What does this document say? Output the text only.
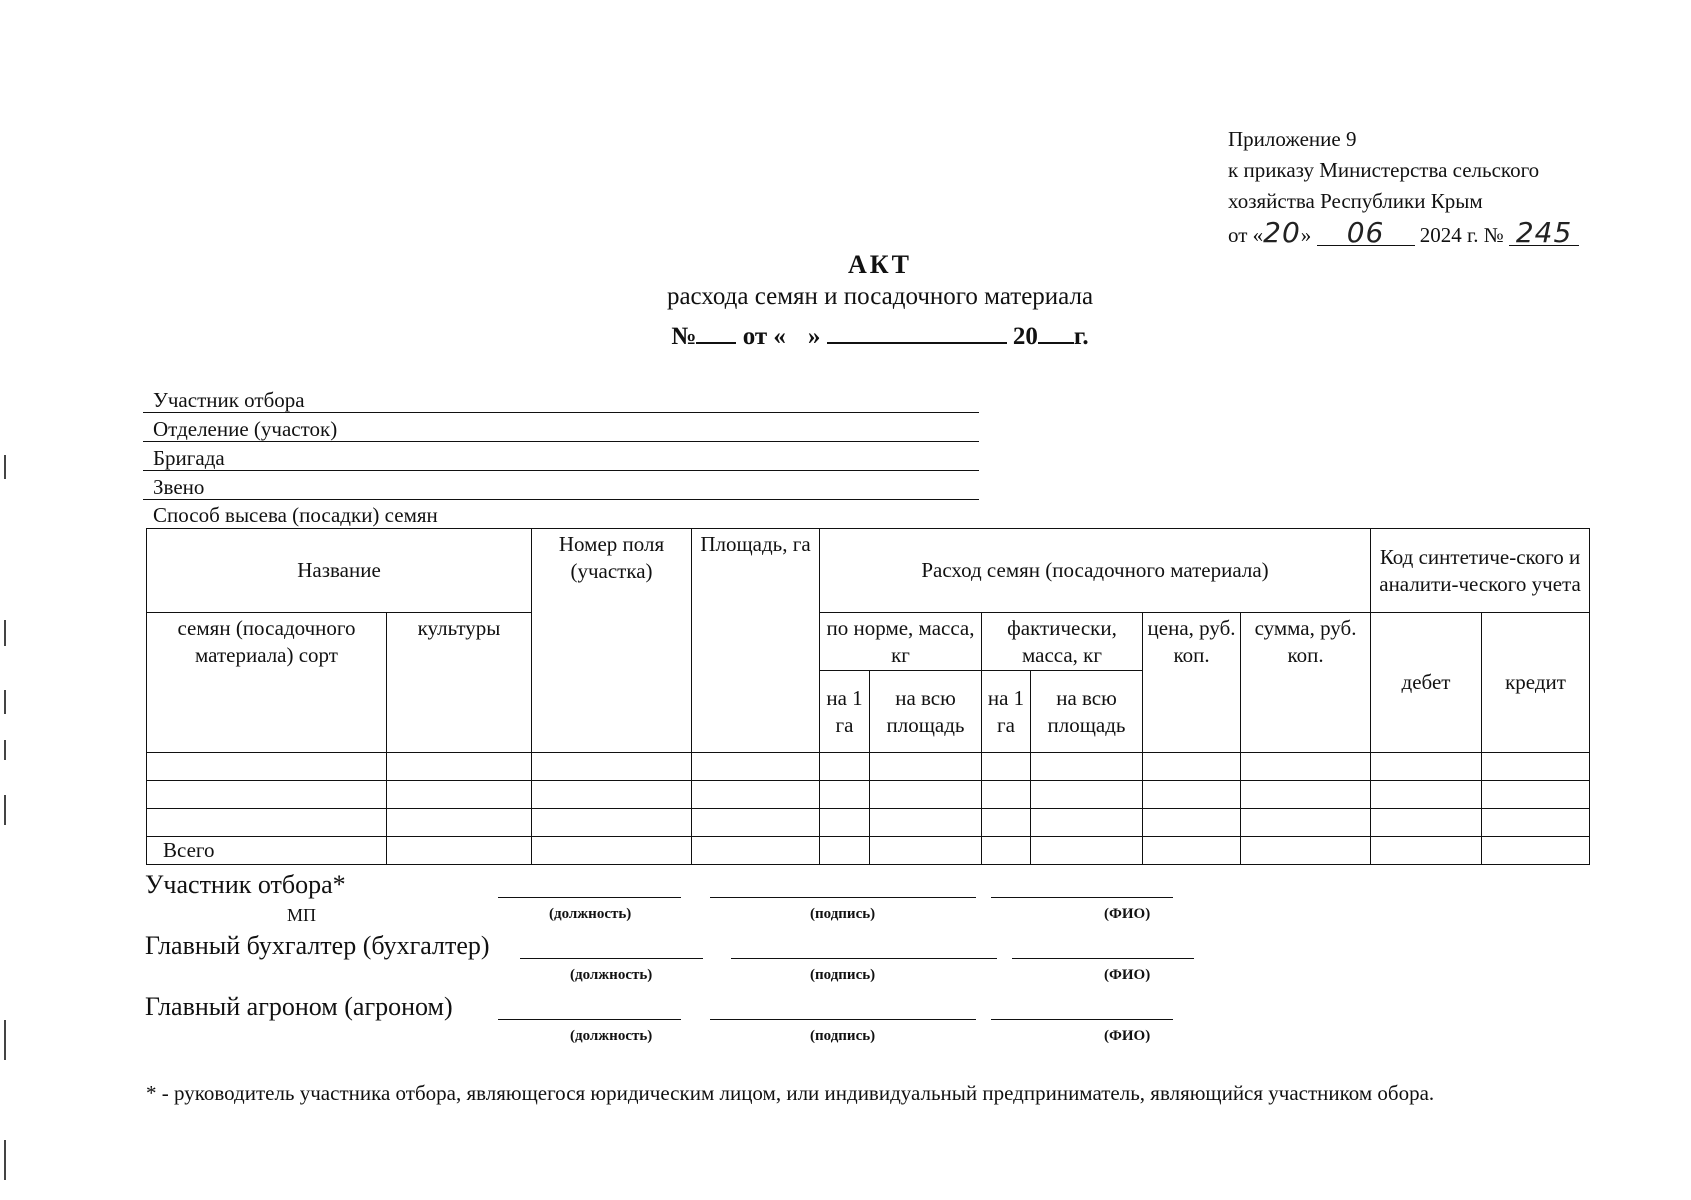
Приложение 9
к приказу Министерства сельского
хозяйства Республики Крым
от «20» 06 2024 г. № 245
АКТ
расхода семян и посадочного материала
№ от « »	20 г.
Участник отбора
Отделение (участок)
Бригада
Звено
Способ высева (посадки) семян
Название		Номер поля (участка)	Площадь, га	Расход семян (посадочного материала)						Код синтетиче-ского и аналити-ческого учета	
семян (посадочного материала) сорт	культуры			по норме, масса, кг		фактически, масса, кг		цена, руб. коп.	сумма, руб. коп.	дебет	кредит
				на 1 га	на всю площадь	на 1 га	на всю площадь				

Всего											
Участник отбора*
МП	(должность)	(подпись)	(ФИО)
Главный бухгалтер (бухгалтер)
(должность)	(подпись)	(ФИО)
Главный агроном (агроном)
(должность)	(подпись)	(ФИО)
* - руководитель участника отбора, являющегося юридическим лицом, или индивидуальный предприниматель, являющийся участником обора.
